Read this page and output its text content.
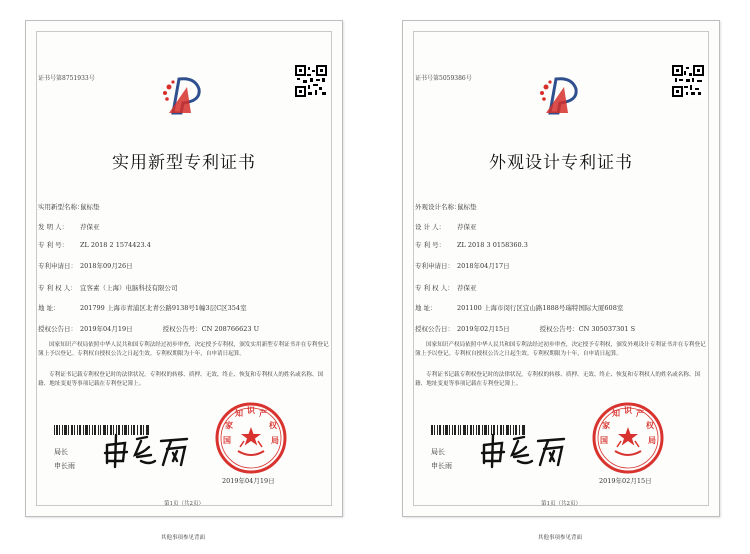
证书号第8751933号
实用新型专利证书
实用新型名称：鼠标垫
发 明 人： 荐保亚
专 利 号： ZL 2018 2 1574423.4
专利申请日： 2018年09月26日
专 利 权 人： 宜客素（上海）电脑科技有限公司
地 址：	201799 上海市青浦区北青公路9138号1幢3层C区354室
授权公告日： 2019年04月19日	授权公告号：CN 208766623 U

国家知识产权局依照中华人民共和国专利法经过初步审查，决定授予专利权，颁发实用新型专利证书并在专利登记簿上予以登记。专利权自授权公告之日起生效。专利权期限为十年，自申请日起算。

专利证书记载专利权登记时的法律状况。专利权的转移、质押、无效、终止、恢复和专利权人的姓名或名称、国籍、地址变更等事项记载在专利登记簿上。

局长
申长雨
国
家
知 识 产
权
局
2019年04月19日
第1页（共2页）
其他事项参见背面
证书号第5059386号
外观设计专利证书
外观设计名称：鼠标垫
设 计 人： 荐保亚
专 利 号： ZL 2018 3 0158360.3
专利申请日： 2018年04月17日
专 利 权 人： 荐保亚
地 址：	201100 上海市闵行区宜山路1888号瑞特国际大厦608室
授权公告日： 2019年02月15日	授权公告号：CN 305037301 S

国家知识产权局依照中华人民共和国专利法经过初步审查，决定授予专利权，颁发外观设计专利证书并在专利登记簿上予以登记。专利权自授权公告之日起生效。专利权期限为十年，自申请日起算。

专利证书记载专利权登记时的法律状况。专利权的转移、质押、无效、终止、恢复和专利权人的姓名或名称、国籍、地址变更等事项记载在专利登记簿上。

局长
申长雨
国
家
知 识 产
权
局
2019年02月15日
第1页（共2页）
其他事项参见背面
